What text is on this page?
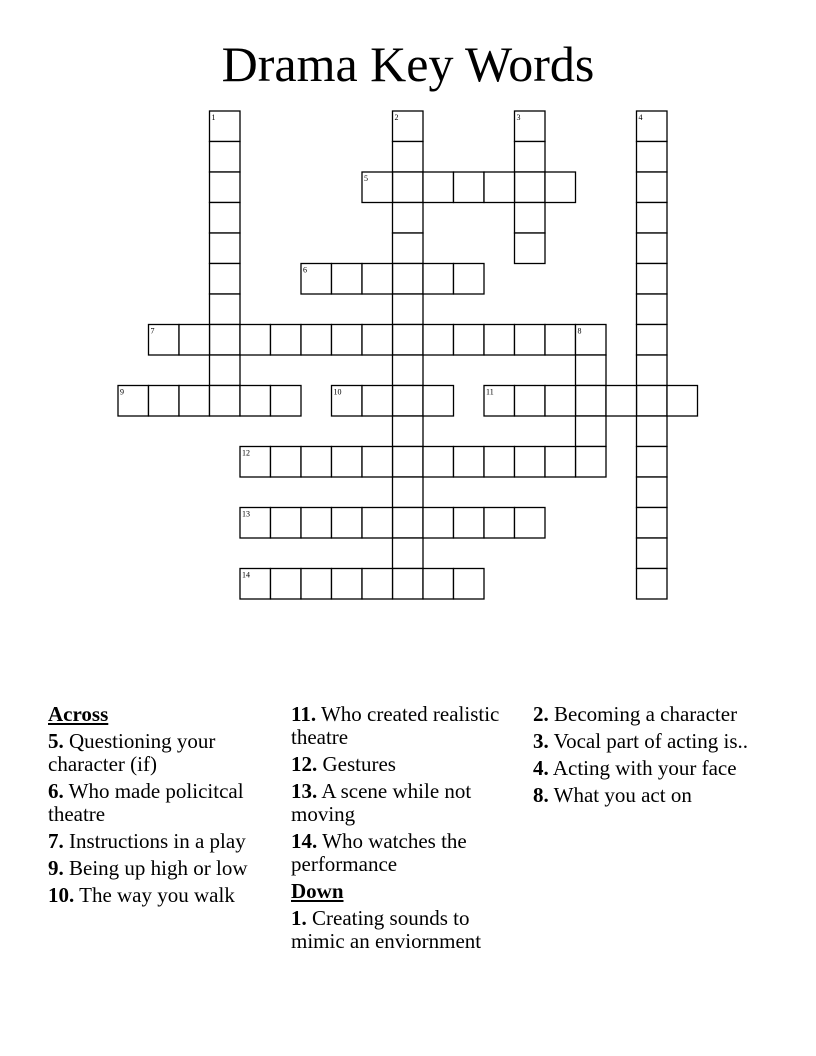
Drama Key Words
1	2	3	4
5
6
7	8
9	10	11
12
13
14
Across
5. Questioning your character (if)
6. Who made policitcal theatre
7. Instructions in a play
9. Being up high or low
10. The way you walk
11. Who created realistic theatre
12. Gestures
13. A scene while not moving
14. Who watches the performance
Down
1. Creating sounds to mimic an enviornment
2. Becoming a character
3. Vocal part of acting is..
4. Acting with your face
8. What you act on
